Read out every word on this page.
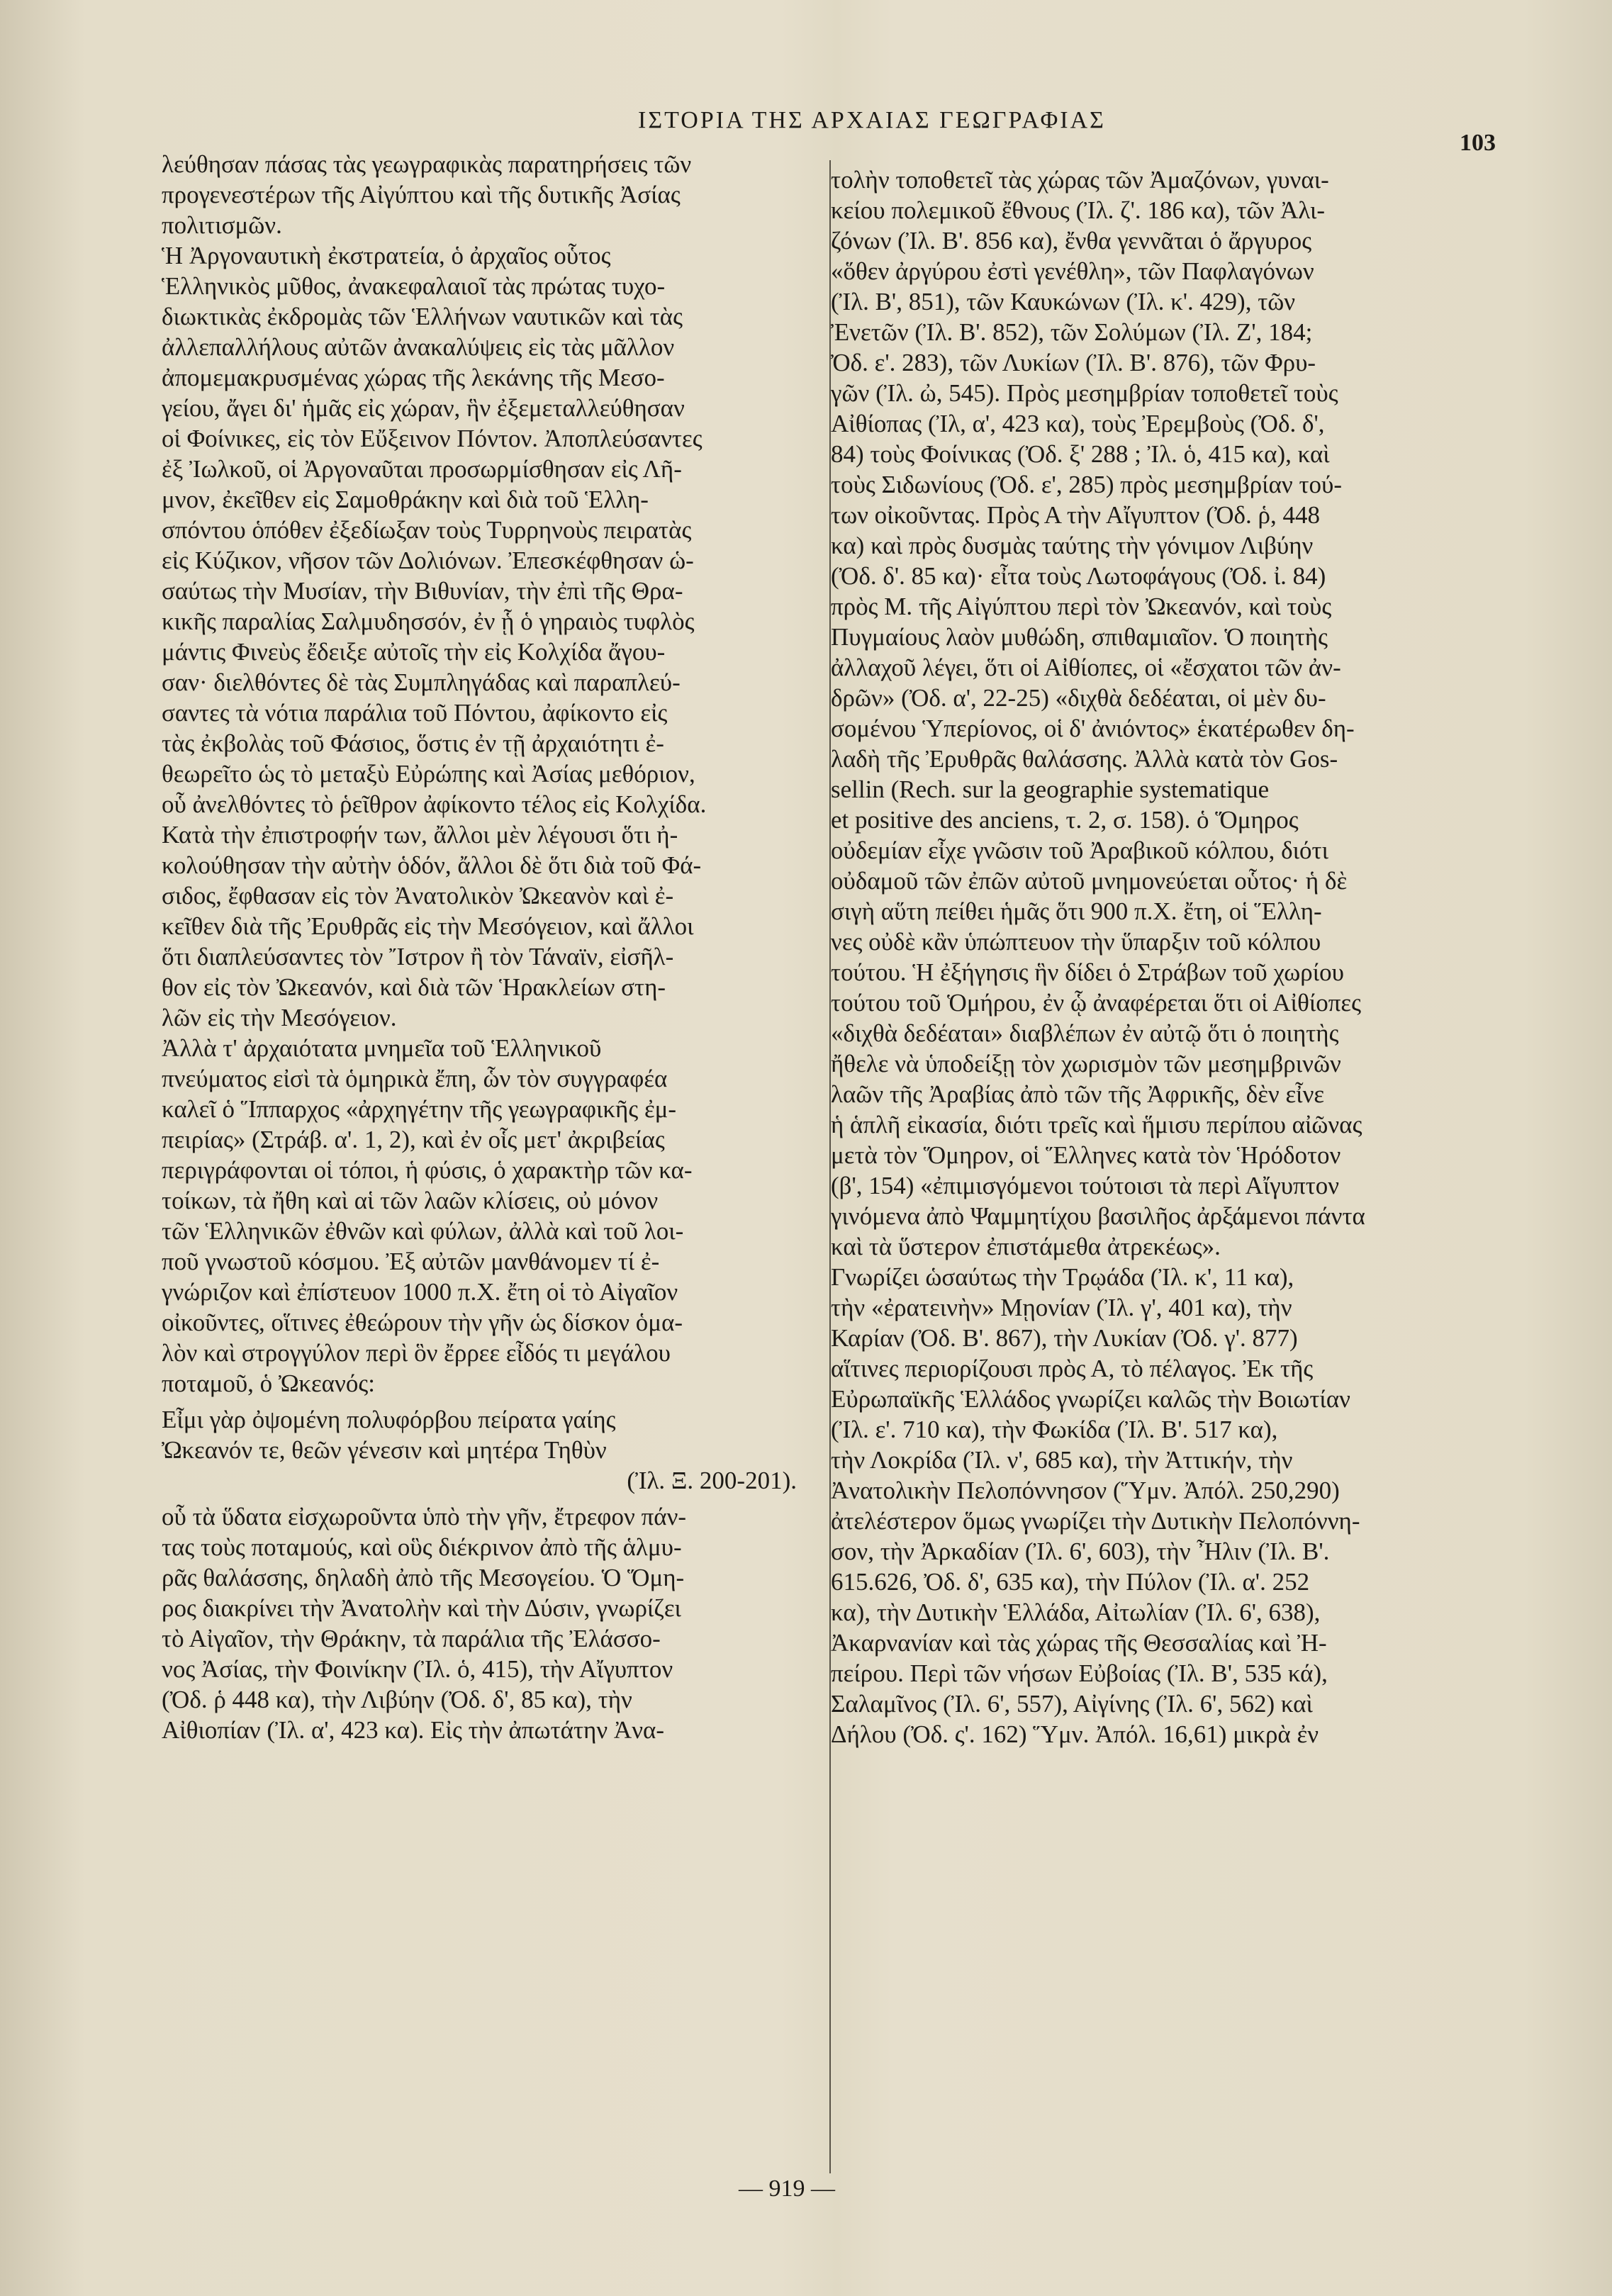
ΙΣΤΟΡΙΑ ΤΗΣ ΑΡΧΑΙΑΣ ΓΕΩΓΡΑΦΙΑΣ
103

λεύθησαν πάσας τὰς γεωγραφικὰς παρατηρήσεις τῶν

προγενεστέρων τῆς Αἰγύπτου καὶ τῆς δυτικῆς Ἀσίας

πολιτισμῶν.

Ἡ Ἀργοναυτικὴ ἐκστρατεία, ὁ ἀρχαῖος οὗτος

Ἑλληνικὸς μῦθος, ἀνακεφαλαιοῖ τὰς πρώτας τυχο-

διωκτικὰς ἐκδρομὰς τῶν Ἑλλήνων ναυτικῶν καὶ τὰς

ἀλλεπαλλήλους αὐτῶν ἀνακαλύψεις εἰς τὰς μᾶλλον

ἀπομεμακρυσμένας χώρας τῆς λεκάνης τῆς Μεσο-

γείου, ἄγει δι' ἡμᾶς εἰς χώραν, ἣν ἐξεμεταλλεύθησαν

οἱ Φοίνικες, εἰς τὸν Εὔξεινον Πόντον. Ἀποπλεύσαντες

ἐξ Ἰωλκοῦ, οἱ Ἀργοναῦται προσωρμίσθησαν εἰς Λῆ-

μνον, ἐκεῖθεν εἰς Σαμοθράκην καὶ διὰ τοῦ Ἑλλη-

σπόντου ὁπόθεν ἐξεδίωξαν τοὺς Τυρρηνοὺς πειρατὰς

εἰς Κύζικον, νῆσον τῶν Δολιόνων. Ἐπεσκέφθησαν ὡ-

σαύτως τὴν Μυσίαν, τὴν Βιθυνίαν, τὴν ἐπὶ τῆς Θρα-

κικῆς παραλίας Σαλμυδησσόν, ἐν ᾗ ὁ γηραιὸς τυφλὸς

μάντις Φινεὺς ἔδειξε αὐτοῖς τὴν εἰς Κολχίδα ἄγου-

σαν· διελθόντες δὲ τὰς Συμπληγάδας καὶ παραπλεύ-

σαντες τὰ νότια παράλια τοῦ Πόντου, ἀφίκοντο εἰς

τὰς ἐκβολὰς τοῦ Φάσιος, ὅστις ἐν τῇ ἀρχαιότητι ἐ-

θεωρεῖτο ὡς τὸ μεταξὺ Εὐρώπης καὶ Ἀσίας μεθόριον,

οὗ ἀνελθόντες τὸ ῥεῖθρον ἀφίκοντο τέλος εἰς Κολχίδα.

Κατὰ τὴν ἐπιστροφήν των, ἄλλοι μὲν λέγουσι ὅτι ἠ-

κολούθησαν τὴν αὐτὴν ὁδόν, ἄλλοι δὲ ὅτι διὰ τοῦ Φά-

σιδος, ἔφθασαν εἰς τὸν Ἀνατολικὸν Ὠκεανὸν καὶ ἐ-

κεῖθεν διὰ τῆς Ἐρυθρᾶς εἰς τὴν Μεσόγειον, καὶ ἄλλοι

ὅτι διαπλεύσαντες τὸν Ἴστρον ἢ τὸν Τάναϊν, εἰσῆλ-

θον εἰς τὸν Ὠκεανόν, καὶ διὰ τῶν Ἡρακλείων στη-

λῶν εἰς τὴν Μεσόγειον.

Ἀλλὰ τ' ἀρχαιότατα μνημεῖα τοῦ Ἑλληνικοῦ

πνεύματος εἰσὶ τὰ ὁμηρικὰ ἔπη, ὧν τὸν συγγραφέα

καλεῖ ὁ Ἵππαρχος «ἀρχηγέτην τῆς γεωγραφικῆς ἐμ-

πειρίας» (Στράβ. α'. 1, 2), καὶ ἐν οἷς μετ' ἀκριβείας

περιγράφονται οἱ τόποι, ἡ φύσις, ὁ χαρακτὴρ τῶν κα-

τοίκων, τὰ ἤθη καὶ αἱ τῶν λαῶν κλίσεις, οὐ μόνον

τῶν Ἑλληνικῶν ἐθνῶν καὶ φύλων, ἀλλὰ καὶ τοῦ λοι-

ποῦ γνωστοῦ κόσμου. Ἐξ αὐτῶν μανθάνομεν τί ἐ-

γνώριζον καὶ ἐπίστευον 1000 π.Χ. ἔτη οἱ τὸ Αἰγαῖον

οἰκοῦντες, οἵτινες ἐθεώρουν τὴν γῆν ὡς δίσκον ὁμα-

λὸν καὶ στρογγύλον περὶ ὃν ἔρρεε εἶδός τι μεγάλου

ποταμοῦ, ὁ Ὠκεανός:

Εἶμι γὰρ ὀψομένη πολυφόρβου πείρατα γαίης

Ὠκεανόν τε, θεῶν γένεσιν καὶ μητέρα Τηθὺν

(Ἰλ. Ξ. 200-201).

οὗ τὰ ὕδατα εἰσχωροῦντα ὑπὸ τὴν γῆν, ἔτρεφον πάν-

τας τοὺς ποταμούς, καὶ οὓς διέκρινον ἀπὸ τῆς ἁλμυ-

ρᾶς θαλάσσης, δηλαδὴ ἀπὸ τῆς Μεσογείου. Ὁ Ὅμη-

ρος διακρίνει τὴν Ἀνατολὴν καὶ τὴν Δύσιν, γνωρίζει

τὸ Αἰγαῖον, τὴν Θράκην, τὰ παράλια τῆς Ἐλάσσο-

νος Ἀσίας, τὴν Φοινίκην (Ἰλ. ὁ, 415), τὴν Αἴγυπτον

(Ὀδ. ῥ 448 κα), τὴν Λιβύην (Ὀδ. δ', 85 κα), τὴν

Αἰθιοπίαν (Ἰλ. α', 423 κα). Εἰς τὴν ἀπωτάτην Ἀνα-

τολὴν τοποθετεῖ τὰς χώρας τῶν Ἀμαζόνων, γυναι-

κείου πολεμικοῦ ἔθνους (Ἰλ. ζ'. 186 κα), τῶν Ἀλι-

ζόνων (Ἰλ. Β'. 856 κα), ἔνθα γεννᾶται ὁ ἄργυρος

«ὅθεν ἀργύρου ἐστὶ γενέθλη», τῶν Παφλαγόνων

(Ἰλ. Β', 851), τῶν Καυκώνων (Ἰλ. κ'. 429), τῶν

Ἐνετῶν (Ἰλ. Β'. 852), τῶν Σολύμων (Ἰλ. Ζ', 184;

Ὀδ. ε'. 283), τῶν Λυκίων (Ἰλ. Β'. 876), τῶν Φρυ-

γῶν (Ἰλ. ὠ, 545). Πρὸς μεσημβρίαν τοποθετεῖ τοὺς

Αἰθίοπας (Ἰλ, α', 423 κα), τοὺς Ἐρεμβοὺς (Ὀδ. δ',

84) τοὺς Φοίνικας (Ὀδ. ξ' 288 ; Ἰλ. ὁ, 415 κα), καὶ

τοὺς Σιδωνίους (Ὀδ. ε', 285) πρὸς μεσημβρίαν τού-

των οἰκοῦντας. Πρὸς Α τὴν Αἴγυπτον (Ὀδ. ῥ, 448

κα) καὶ πρὸς δυσμὰς ταύτης τὴν γόνιμον Λιβύην

(Ὀδ. δ'. 85 κα)· εἶτα τοὺς Λωτοφάγους (Ὀδ. ἰ. 84)

πρὸς Μ. τῆς Αἰγύπτου περὶ τὸν Ὠκεανόν, καὶ τοὺς

Πυγμαίους λαὸν μυθώδη, σπιθαμιαῖον. Ὁ ποιητὴς

ἀλλαχοῦ λέγει, ὅτι οἱ Αἰθίοπες, οἱ «ἔσχατοι τῶν ἀν-

δρῶν» (Ὀδ. α', 22-25) «διχθὰ δεδέαται, οἱ μὲν δυ-

σομένου Ὑπερίονος, οἱ δ' ἀνιόντος» ἑκατέρωθεν δη-

λαδὴ τῆς Ἐρυθρᾶς θαλάσσης. Ἀλλὰ κατὰ τὸν Gos-

sellin (Rech. sur la geographie systematique

et positive des anciens, τ. 2, σ. 158). ὁ Ὅμηρος

οὐδεμίαν εἶχε γνῶσιν τοῦ Ἀραβικοῦ κόλπου, διότι

οὐδαμοῦ τῶν ἐπῶν αὐτοῦ μνημονεύεται οὗτος· ἡ δὲ

σιγὴ αὕτη πείθει ἡμᾶς ὅτι 900 π.Χ. ἔτη, οἱ Ἕλλη-

νες οὐδὲ κἂν ὑπώπτευον τὴν ὕπαρξιν τοῦ κόλπου

τούτου. Ἡ ἐξήγησις ἣν δίδει ὁ Στράβων τοῦ χωρίου

τούτου τοῦ Ὁμήρου, ἐν ᾧ ἀναφέρεται ὅτι οἱ Αἰθίοπες

«διχθὰ δεδέαται» διαβλέπων ἐν αὐτῷ ὅτι ὁ ποιητὴς

ἤθελε νὰ ὑποδείξῃ τὸν χωρισμὸν τῶν μεσημβρινῶν

λαῶν τῆς Ἀραβίας ἀπὸ τῶν τῆς Ἀφρικῆς, δὲν εἶνε

ἡ ἁπλῆ εἰκασία, διότι τρεῖς καὶ ἥμισυ περίπου αἰῶνας

μετὰ τὸν Ὅμηρον, οἱ Ἕλληνες κατὰ τὸν Ἡρόδοτον

(β', 154) «ἐπιμισγόμενοι τούτοισι τὰ περὶ Αἴγυπτον

γινόμενα ἀπὸ Ψαμμητίχου βασιλῆος ἀρξάμενοι πάντα

καὶ τὰ ὕστερον ἐπιστάμεθα ἀτρεκέως».

Γνωρίζει ὡσαύτως τὴν Τρῳάδα (Ἰλ. κ', 11 κα),

τὴν «ἐρατεινὴν» Μῃονίαν (Ἰλ. γ', 401 κα), τὴν

Καρίαν (Ὀδ. Β'. 867), τὴν Λυκίαν (Ὀδ. γ'. 877)

αἵτινες περιορίζουσι πρὸς Α, τὸ πέλαγος. Ἐκ τῆς

Εὐρωπαϊκῆς Ἑλλάδος γνωρίζει καλῶς τὴν Βοιωτίαν

(Ἰλ. ε'. 710 κα), τὴν Φωκίδα (Ἰλ. Β'. 517 κα),

τὴν Λοκρίδα (Ἰλ. ν', 685 κα), τὴν Ἀττικήν, τὴν

Ἀνατολικὴν Πελοπόννησον (Ὕμν. Ἀπόλ. 250,290)

ἀτελέστερον ὅμως γνωρίζει τὴν Δυτικὴν Πελοπόννη-

σον, τὴν Ἀρκαδίαν (Ἰλ. 6', 603), τὴν Ἦλιν (Ἰλ. Β'.

615.626, Ὀδ. δ', 635 κα), τὴν Πύλον (Ἰλ. α'. 252

κα), τὴν Δυτικὴν Ἑλλάδα, Αἰτωλίαν (Ἰλ. 6', 638),

Ἀκαρνανίαν καὶ τὰς χώρας τῆς Θεσσαλίας καὶ Ἠ-

πείρου. Περὶ τῶν νήσων Εὐβοίας (Ἰλ. Β', 535 κά),

Σαλαμῖνος (Ἰλ. 6', 557), Αἰγίνης (Ἰλ. 6', 562) καὶ

Δήλου (Ὀδ. ς'. 162) Ὕμν. Ἀπόλ. 16,61) μικρὰ ἐν

— 919 —
